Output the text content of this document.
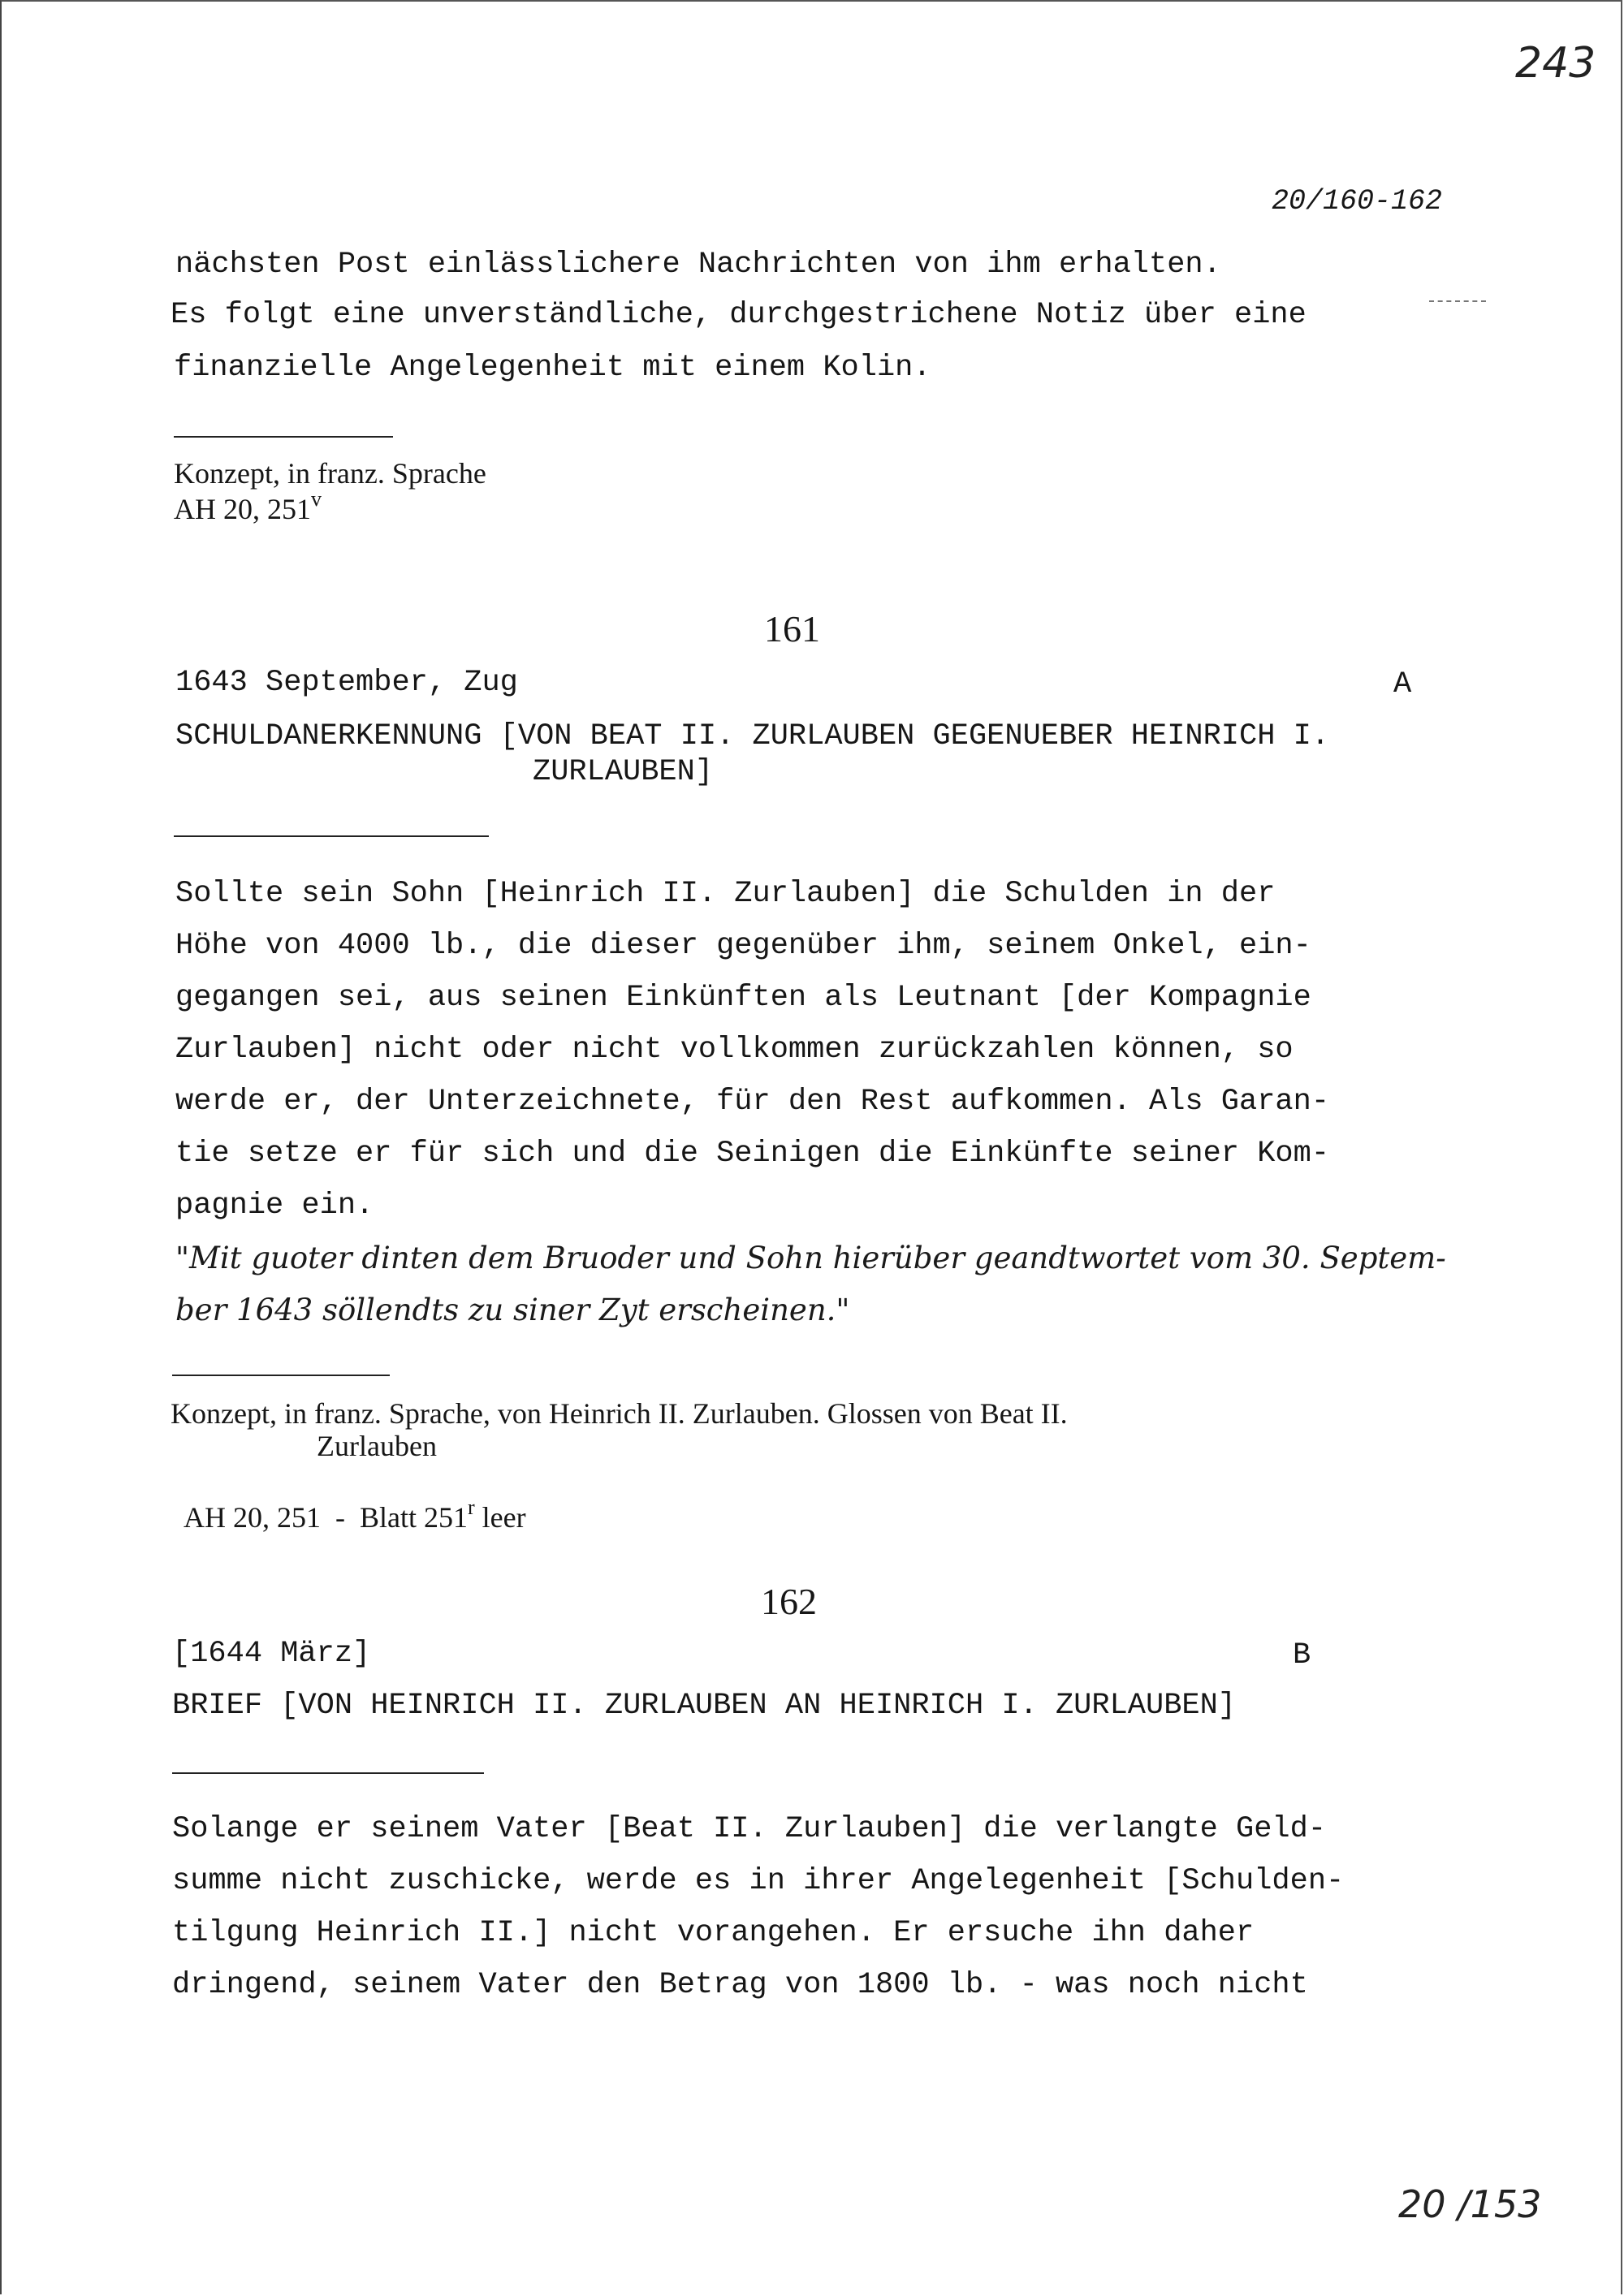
243
20/160-162
nächsten Post einlässlichere Nachrichten von ihm erhalten.
Es folgt eine unverständliche, durchgestrichene Notiz über eine
finanzielle Angelegenheit mit einem Kolin.
Konzept, in franz. Sprache
AH 20, 251$^v$
161
1643 September, Zug	A
SCHULDANERKENNUNG [VON BEAT II. ZURLAUBEN GEGENUEBER HEINRICH I.
ZURLAUBEN]
Sollte sein Sohn [Heinrich II. Zurlauben] die Schulden in der
Höhe von 4000 lb., die dieser gegenüber ihm, seinem Onkel, ein-
gegangen sei, aus seinen Einkünften als Leutnant [der Kompagnie
Zurlauben] nicht oder nicht vollkommen zurückzahlen können, so
werde er, der Unterzeichnete, für den Rest aufkommen. Als Garan-
tie setze er für sich und die Seinigen die Einkünfte seiner Kom-
pagnie ein.
"Mit guoter dinten dem Bruoder und Sohn hierüber geandtwortet vom 30. Septem-
ber 1643 söllendts zu siner Zyt erscheinen."
Konzept, in franz. Sprache, von Heinrich II. Zurlauben. Glossen von Beat II.
Zurlauben

AH 20, 251  -  Blatt 251$^r$ leer

162
[1644 März]	B
BRIEF [VON HEINRICH II. ZURLAUBEN AN HEINRICH I. ZURLAUBEN]
Solange er seinem Vater [Beat II. Zurlauben] die verlangte Geld-
summe nicht zuschicke, werde es in ihrer Angelegenheit [Schulden-
tilgung Heinrich II.] nicht vorangehen. Er ersuche ihn daher
dringend, seinem Vater den Betrag von 1800 lb. - was noch nicht
20 /153
